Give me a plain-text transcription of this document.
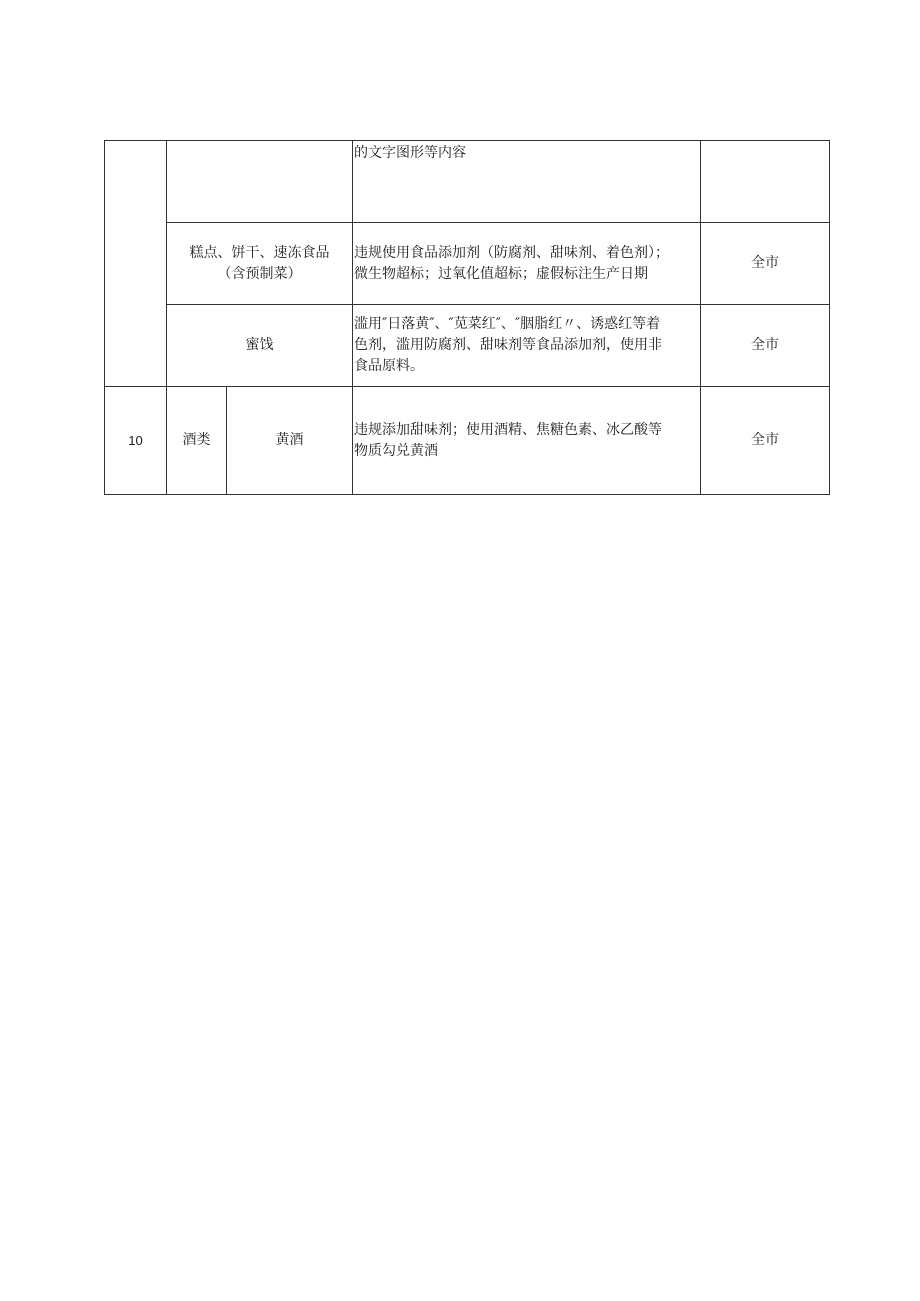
			的文字图形等内容	

	糕点、饼干、速冻食品
（含预制菜）		违规使用食品添加剂（防腐剂、甜味剂、着色剂）；
微生物超标；过氧化值超标；虚假标注生产日期	全市
	蜜饯		滥用″日落黄″、″苋菜红″、″胭脂红〃、诱惑红等着
色剂，滥用防腐剂、甜味剂等食品添加剂，使用非
食品原料。	全市
10	酒类	黄酒	违规添加甜味剂；使用酒精、焦糖色素、冰乙酸等
物质勾兑黄酒	全市
